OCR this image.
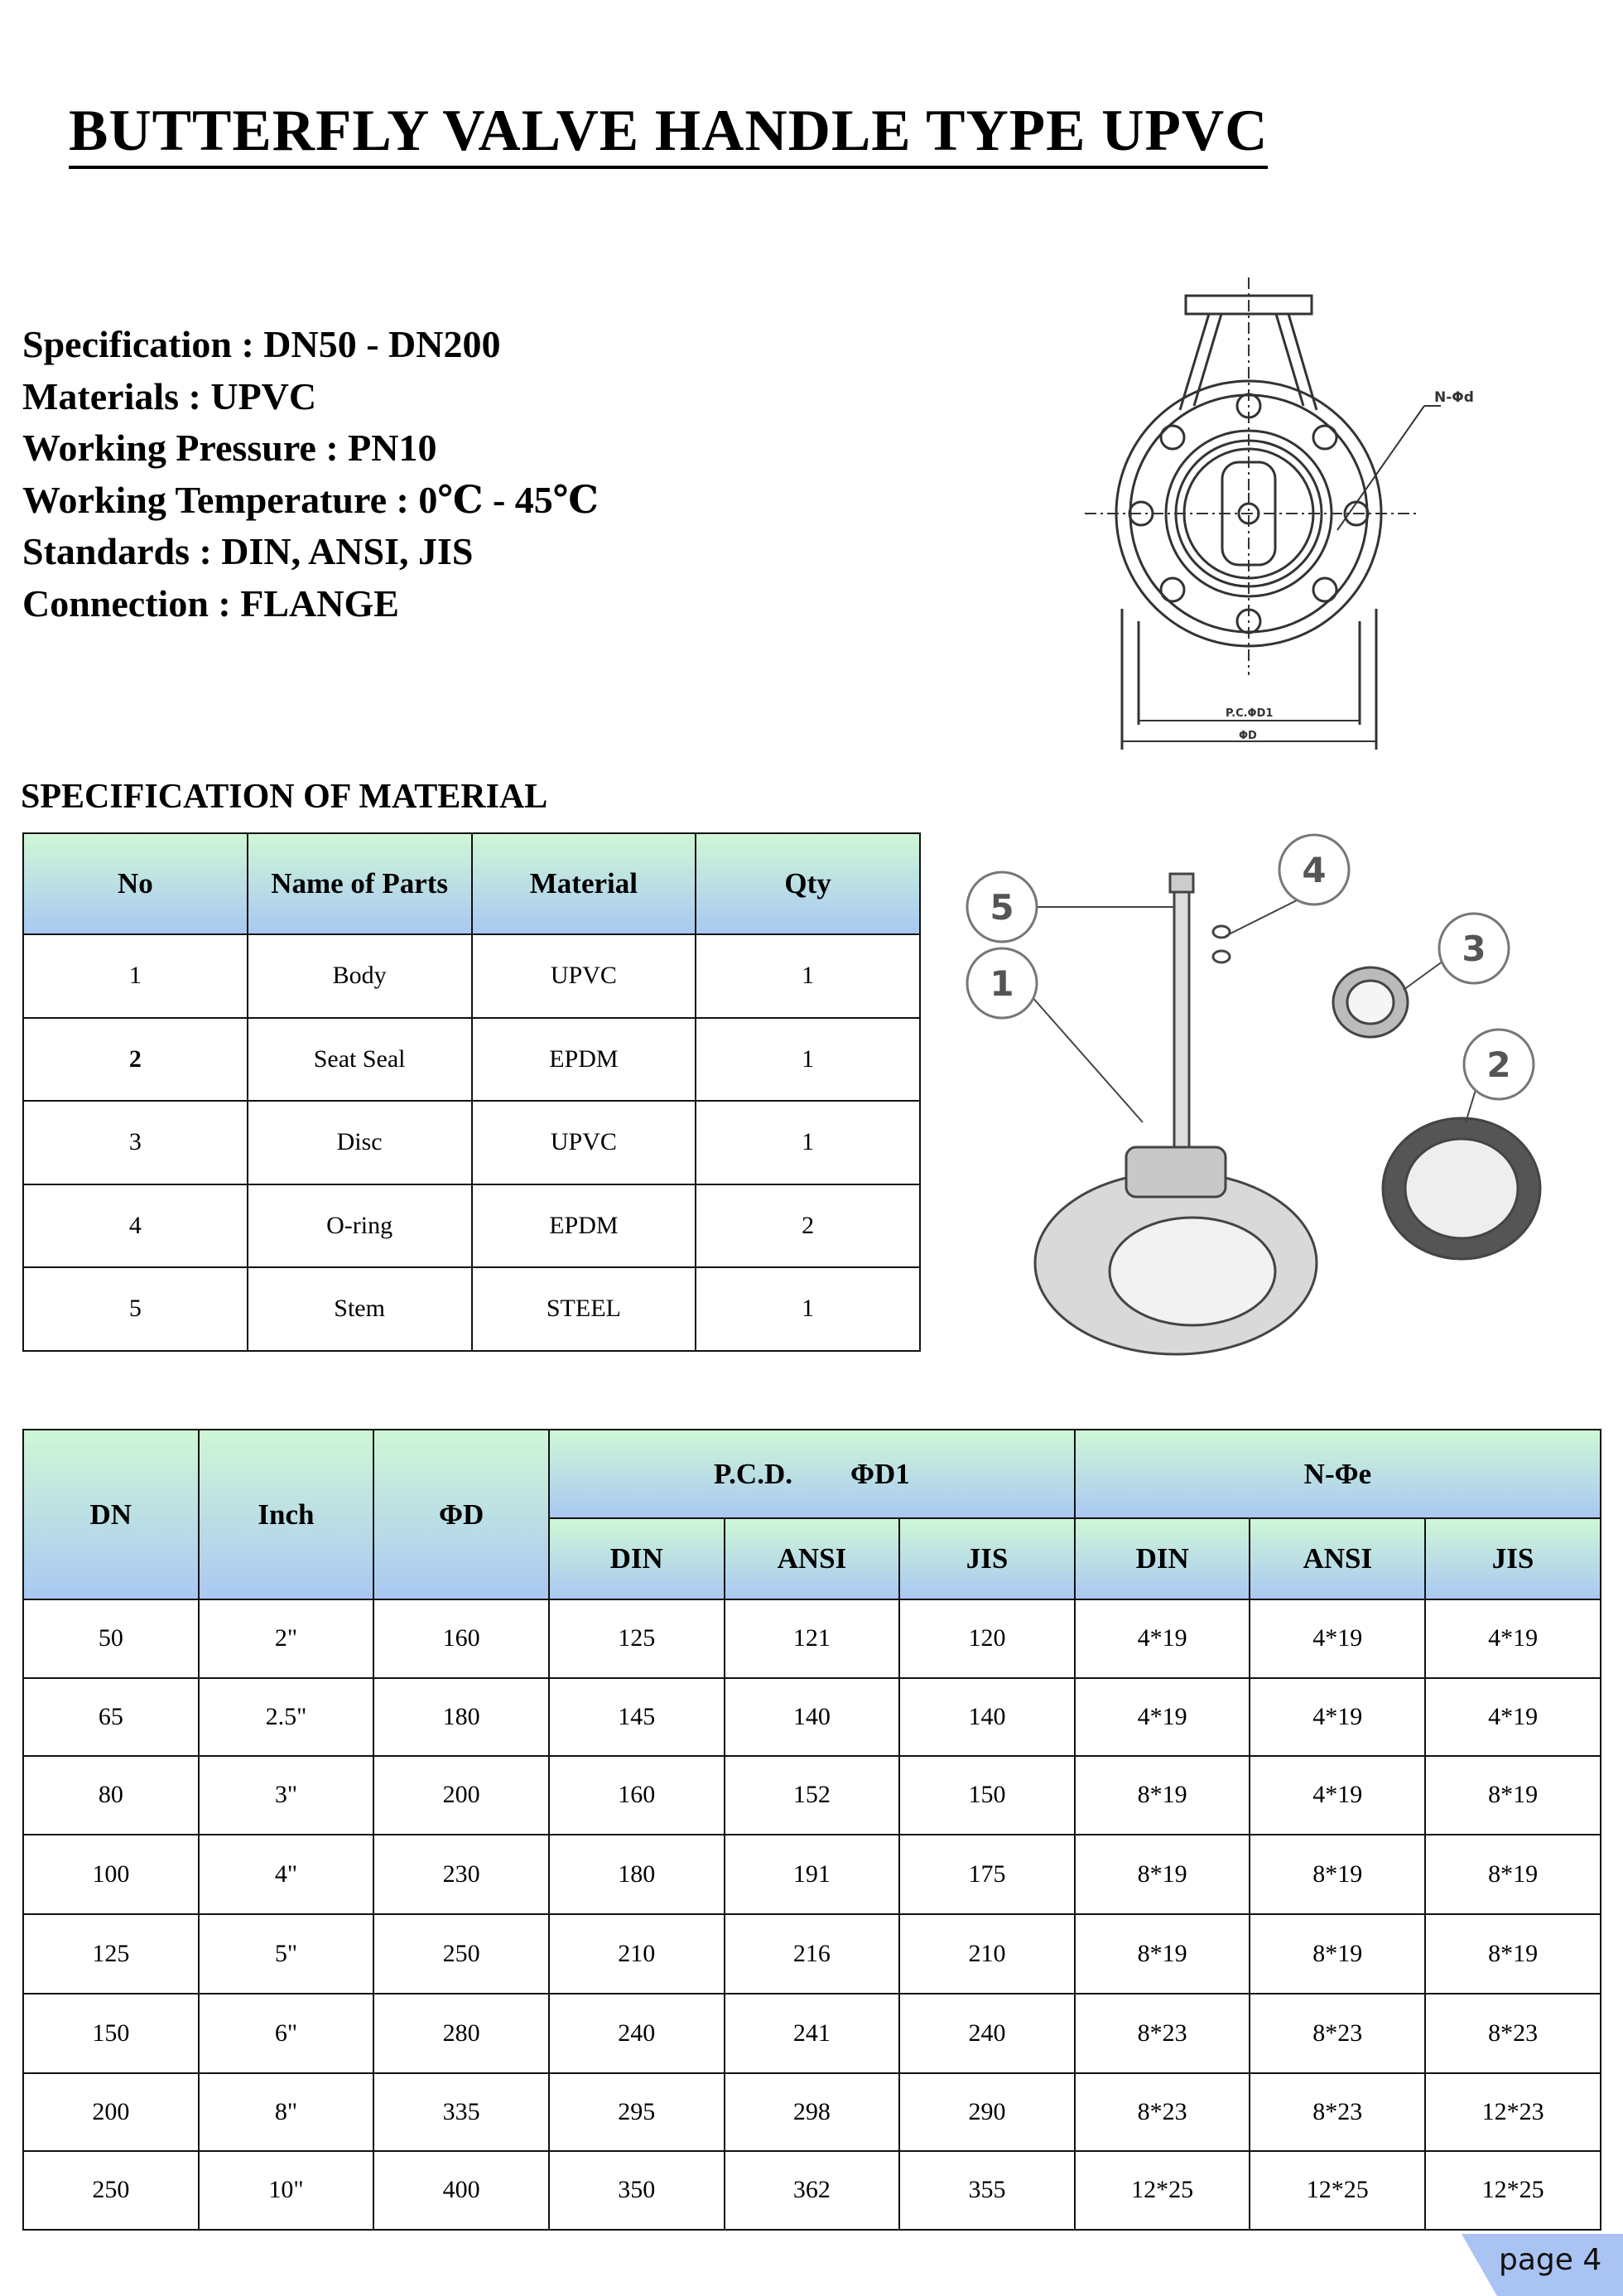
BUTTERFLY VALVE HANDLE TYPE UPVC
Specification : DN50 - DN200
Materials : UPVC
Working Pressure : PN10
Working Temperature : 0℃ - 45℃
Standards : DIN, ANSI, JIS
Connection : FLANGE
N-Φd
P.C.ΦD1
ΦD
SPECIFICATION OF MATERIAL
No	Name of Parts	Material	Qty
1	Body	UPVC	1
2	Seat Seal	EPDM	1
3	Disc	UPVC	1
4	O-ring	EPDM	2
5	Stem	STEEL	1
5
4
1
3
2
DN	Inch	ΦD	P.C.D. ΦD1			N-Φe		
			DIN	ANSI	JIS	DIN	ANSI	JIS
50	2"	160	125	121	120	4*19	4*19	4*19
65	2.5"	180	145	140	140	4*19	4*19	4*19
80	3"	200	160	152	150	8*19	4*19	8*19
100	4"	230	180	191	175	8*19	8*19	8*19
125	5"	250	210	216	210	8*19	8*19	8*19
150	6"	280	240	241	240	8*23	8*23	8*23
200	8"	335	295	298	290	8*23	8*23	12*23
250	10"	400	350	362	355	12*25	12*25	12*25
page 4
